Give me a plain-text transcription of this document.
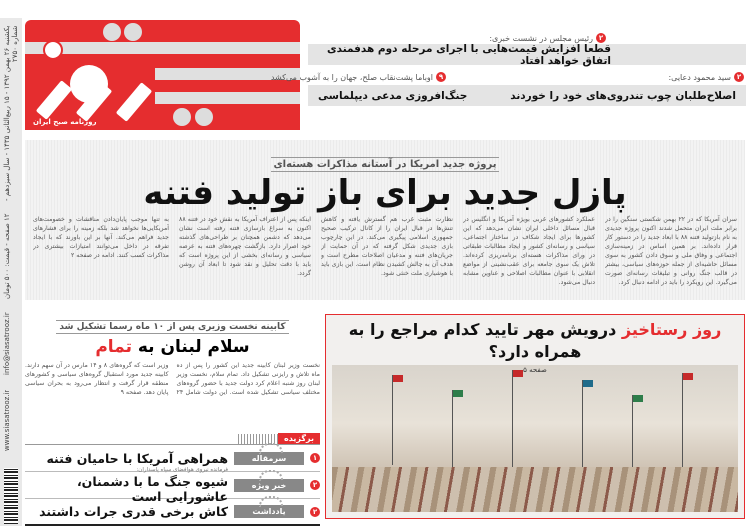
یکشنبه ۲۶ بهمن ۱۳۹۲ - ۱۵ ربیع‌الثانی ۱۴۳۵ - سال سیزدهم - شماره ۲۷۵۰
۱۲ صفحه - قیمت: ۵۰۰ تومان
info@siasatrooz.ir
www.siasatrooz.ir
روزنامه صبح ایران
۲
رئیس مجلس در نشست خبری:
قطعا افزایش قیمت‌هایی با اجرای مرحله دوم هدفمندی اتفاق خواهد افتاد
۲
سید محمود دعایی:
۹
اوباما پشت‌نقاب صلح، جهان را به آشوب می‌کشد
اصلاح‌طلبان چوب تندروی‌های خود را خوردند
جنگ‌افروزی مدعی دیپلماسی
پروژه جدید امریکا در آستانه مذاکرات هسته‌ای
پازل جدید برای باز تولید فتنه
سران آمریکا که در ۲۲ بهمن شکستی سنگین را در برابر ملت ایران متحمل شدند اکنون پروژه جدیدی به نام بازتولید فتنه ۸۸ با ابعاد جدید را در دستور کار قرار داده‌اند. بر همین اساس در زمینه‌سازی اجتماعی و وفاق ملی و سوق دادن کشور به سوی مسائل حاشیه‌ای از جمله حوزه‌های سیاسی، بیشتر در قالب جنگ روانی و تبلیغات رسانه‌ای صورت می‌گیرد. این رویکرد را باید در ادامه دنبال کرد.
عملکرد کشورهای غربی بویژه آمریکا و انگلیس در قبال مسائل داخلی ایران نشان می‌دهد که این کشورها برای ایجاد شکاف در ساختار اجتماعی، سیاسی و رسانه‌ای کشور و ایجاد مطالبات طبقاتی در ورای مذاکرات هسته‌ای برنامه‌ریزی کرده‌اند. تلاش یک سوی جامعه برای عقب‌نشینی از مواضع انقلابی با عنوان مطالبات اصلاحی و عناوین مشابه دنبال می‌شود.
نظارت مثبت غرب هم گسترش یافته و کاهش تنش‌ها در قبال ایران را از کانال ترکیب صحیح جمهوری اسلامی پیگیری می‌کند. در این چارچوب بازی جدیدی شکل گرفته که در آن حمایت از جریان‌های فتنه و مدعیان اصلاحات مطرح است و هدف آن به چالش کشیدن نظام است. این بازی باید با هوشیاری ملت خنثی شود.
اینکه پس از اعتراف آمریکا به نقش خود در فتنه ۸۸ اکنون به سراغ بازسازی فتنه رفته است نشان می‌دهد که دشمن همچنان بر طراحی‌های گذشته خود اصرار دارد. بازگشت چهره‌های فتنه به عرصه سیاسی و رسانه‌ای بخشی از این پروژه است که باید با دقت تحلیل و نقد شود تا ابعاد آن روشن گردد.
به تنها موجب پایان‌دادن مناقشات و خصومت‌های آمریکایی‌ها نخواهد شد بلکه زمینه را برای فشارهای جدید فراهم می‌کند. آنها بر این باورند که با ایجاد تفرقه در داخل می‌توانند امتیازات بیشتری در مذاکرات کسب کنند. ادامه در صفحه ۲
روز رستاخیز درویش مهر تایید کدام مراجع را به همراه دارد؟
صفحه ۵
کابینه نخست وزیری پس از ۱۰ ماه رسما تشکیل شد
سلام لبنان به تمام
نخست وزیر لبنان کابینه جدید این کشور را پس از ده ماه تلاش و رایزنی تشکیل داد. تمام سلام، نخست وزیر لبنان روز شنبه اعلام کرد دولت جدید با حضور گروه‌های مختلف سیاسی تشکیل شده است. این دولت شامل ۲۴ وزیر است که گروه‌های ۸ و ۱۴ مارس در آن سهم دارند. کابینه جدید مورد استقبال گروه‌های سیاسی و کشورهای منطقه قرار گرفت و انتظار می‌رود به بحران سیاسی پایان دهد. صفحه ۹
برگزیده
۱
سرمقاله
همراهی آمریکا با حامیان فتنه
۲
خبر ویژه
فرمانده نیروی هوافضای سپاه پاسداران:
شیوه جنگ ما با دشمنان، عاشورایی است
۲
یادداشت
کاش برخی قدری جرات داشتند
